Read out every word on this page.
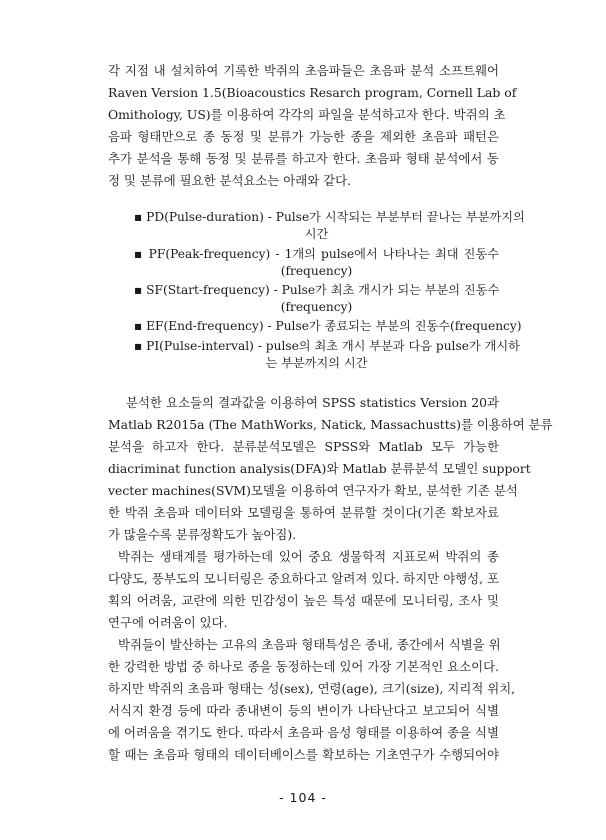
각 지점 내 설치하여 기록한 박쥐의 초음파들은 초음파 분석 소프트웨어
Raven Version 1.5(Bioacoustics Resarch program, Cornell Lab of
Omithology, US)를 이용하여 각각의 파일을 분석하고자 한다. 박쥐의 초
음파 형태만으로 종 동정 및 분류가 가능한 종을 제외한 초음파 패턴은
추가 분석을 통해 동정 및 분류를 하고자 한다. 초음파 형태 분석에서 동
정 및 분류에 필요한 분석요소는 아래와 같다.
▪ PD(Pulse-duration) - Pulse가 시작되는 부분부터 끝나는 부분까지의
시간
▪ PF(Peak-frequency) - 1개의 pulse에서 나타나는 최대 진동수
(frequency)
▪ SF(Start-frequency) - Pulse가 최초 개시가 되는 부분의 진동수
(frequency)
▪ EF(End-frequency) - Pulse가 종료되는 부분의 진동수(frequency)
▪ PI(Pulse-interval) - pulse의 최초 개시 부분과 다음 pulse가 개시하
는 부분까지의 시간
분석한 요소들의 결과값을 이용하여 SPSS statistics Version 20과
Matlab R2015a (The MathWorks, Natick, Massachustts)를 이용하여 분류
분석을 하고자 한다. 분류분석모델은 SPSS와 Matlab 모두 가능한
diacriminat function analysis(DFA)와 Matlab 분류분석 모델인 support
vecter machines(SVM)모델을 이용하여 연구자가 확보, 분석한 기존 분석
한 박쥐 초음파 데이터와 모델링을 통하여 분류할 것이다(기존 확보자료
가 많을수록 분류정확도가 높아짐).
박쥐는 생태계를 평가하는데 있어 중요 생물학적 지표로써 박쥐의 종
다양도, 풍부도의 모니터링은 중요하다고 알려져 있다. 하지만 야행성, 포
획의 어려움, 교란에 의한 민감성이 높은 특성 때문에 모니터링, 조사 및
연구에 어려움이 있다.
박쥐들이 발산하는 고유의 초음파 형태특성은 종내, 종간에서 식별을 위
한 강력한 방법 중 하나로 종을 동정하는데 있어 가장 기본적인 요소이다.
하지만 박쥐의 초음파 형태는 성(sex), 연령(age), 크기(size), 지리적 위치,
서식지 환경 등에 따라 종내변이 등의 변이가 나타난다고 보고되어 식별
에 어려움을 겪기도 한다. 따라서 초음파 음성 형태를 이용하여 종을 식별
할 때는 초음파 형태의 데이터베이스를 확보하는 기초연구가 수행되어야
- 104 -
